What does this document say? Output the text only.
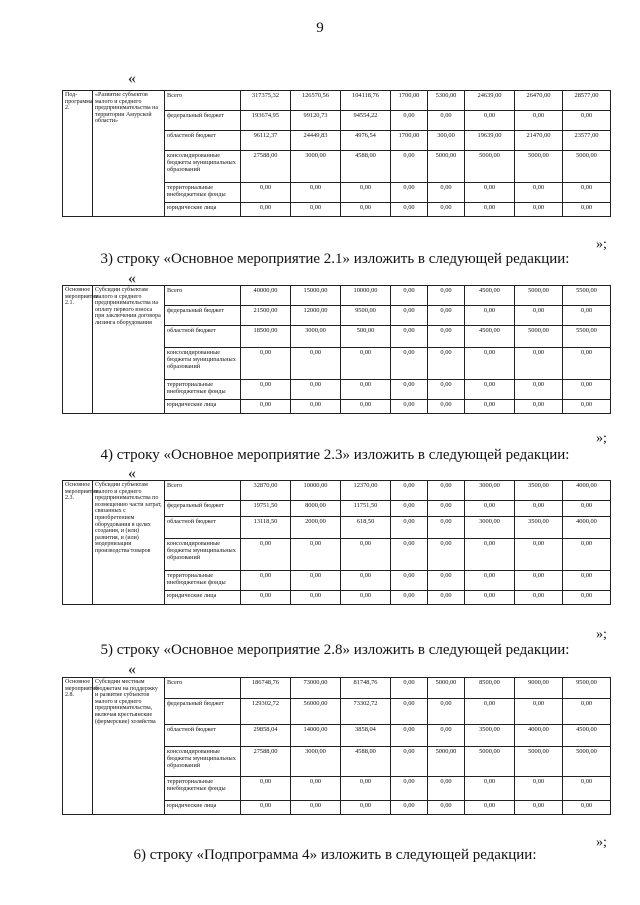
9
«
Под-программа 2.	«Развитие субъектов малого и среднего предпринимательства на территории Амурской области»	Всего	317375,32	126570,56	104118,76	1700,00	5300,00	24639,00	26470,00	28577,00
		федеральный бюджет	193674,95	99120,73	94554,22	0,00	0,00	0,00	0,00	0,00
		областной бюджет	96112,37	24449,83	4976,54	1700,00	300,00	19639,00	21470,00	23577,00
		консолидированные бюджеты муниципальных образований	27588,00	3000,00	4588,00	0,00	5000,00	5000,00	5000,00	5000,00
		территориальные внебюджетные фонды	0,00	0,00	0,00	0,00	0,00	0,00	0,00	0,00
		юридические лица	0,00	0,00	0,00	0,00	0,00	0,00	0,00	0,00
»;
3) строку «Основное мероприятие 2.1» изложить в следующей редакции:
«
Основное мероприятие 2.1.	Субсидии субъектам малого и среднего предпринимательства на оплату первого взноса при заключении договора лизинга оборудования	Всего	40000,00	15000,00	10000,00	0,00	0,00	4500,00	5000,00	5500,00
		федеральный бюджет	21500,00	12000,00	9500,00	0,00	0,00	0,00	0,00	0,00
		областной бюджет	18500,00	3000,00	500,00	0,00	0,00	4500,00	5000,00	5500,00
		консолидированные бюджеты муниципальных образований	0,00	0,00	0,00	0,00	0,00	0,00	0,00	0,00
		территориальные внебюджетные фонды	0,00	0,00	0,00	0,00	0,00	0,00	0,00	0,00
		юридические лица	0,00	0,00	0,00	0,00	0,00	0,00	0,00	0,00
»;
4) строку «Основное мероприятие 2.3» изложить в следующей редакции:
«
Основное мероприятие 2.3.	Субсидии субъектам малого и среднего предпринимательства по возмещению части затрат, связанных с приобретением оборудования в целях создания, и (или) развития, и (или) модернизации производства товаров	Всего	32870,00	10000,00	12370,00	0,00	0,00	3000,00	3500,00	4000,00
		федеральный бюджет	19751,50	8000,00	11751,50	0,00	0,00	0,00	0,00	0,00
		областной бюджет	13118,50	2000,00	618,50	0,00	0,00	3000,00	3500,00	4000,00
		консолидированные бюджеты муниципальных образований	0,00	0,00	0,00	0,00	0,00	0,00	0,00	0,00
		территориальные внебюджетные фонды	0,00	0,00	0,00	0,00	0,00	0,00	0,00	0,00
		юридические лица	0,00	0,00	0,00	0,00	0,00	0,00	0,00	0,00
»;
5) строку «Основное мероприятие 2.8» изложить в следующей редакции:
«
Основное мероприятие 2.8.	Субсидии местным бюджетам на поддержку и развитие субъектов малого и среднего предпринимательства, включая крестьянские (фермерские) хозяйства	Всего	186748,76	73000,00	81748,76	0,00	5000,00	8500,00	9000,00	9500,00
		федеральный бюджет	129302,72	56000,00	73302,72	0,00	0,00	0,00	0,00	0,00
		областной бюджет	29858,04	14000,00	3858,04	0,00	0,00	3500,00	4000,00	4500,00
		консолидированные бюджеты муниципальных образований	27588,00	3000,00	4588,00	0,00	5000,00	5000,00	5000,00	5000,00
		территориальные внебюджетные фонды	0,00	0,00	0,00	0,00	0,00	0,00	0,00	0,00
		юридические лица	0,00	0,00	0,00	0,00	0,00	0,00	0,00	0,00
»;
6) строку «Подпрограмма 4» изложить в следующей редакции:
